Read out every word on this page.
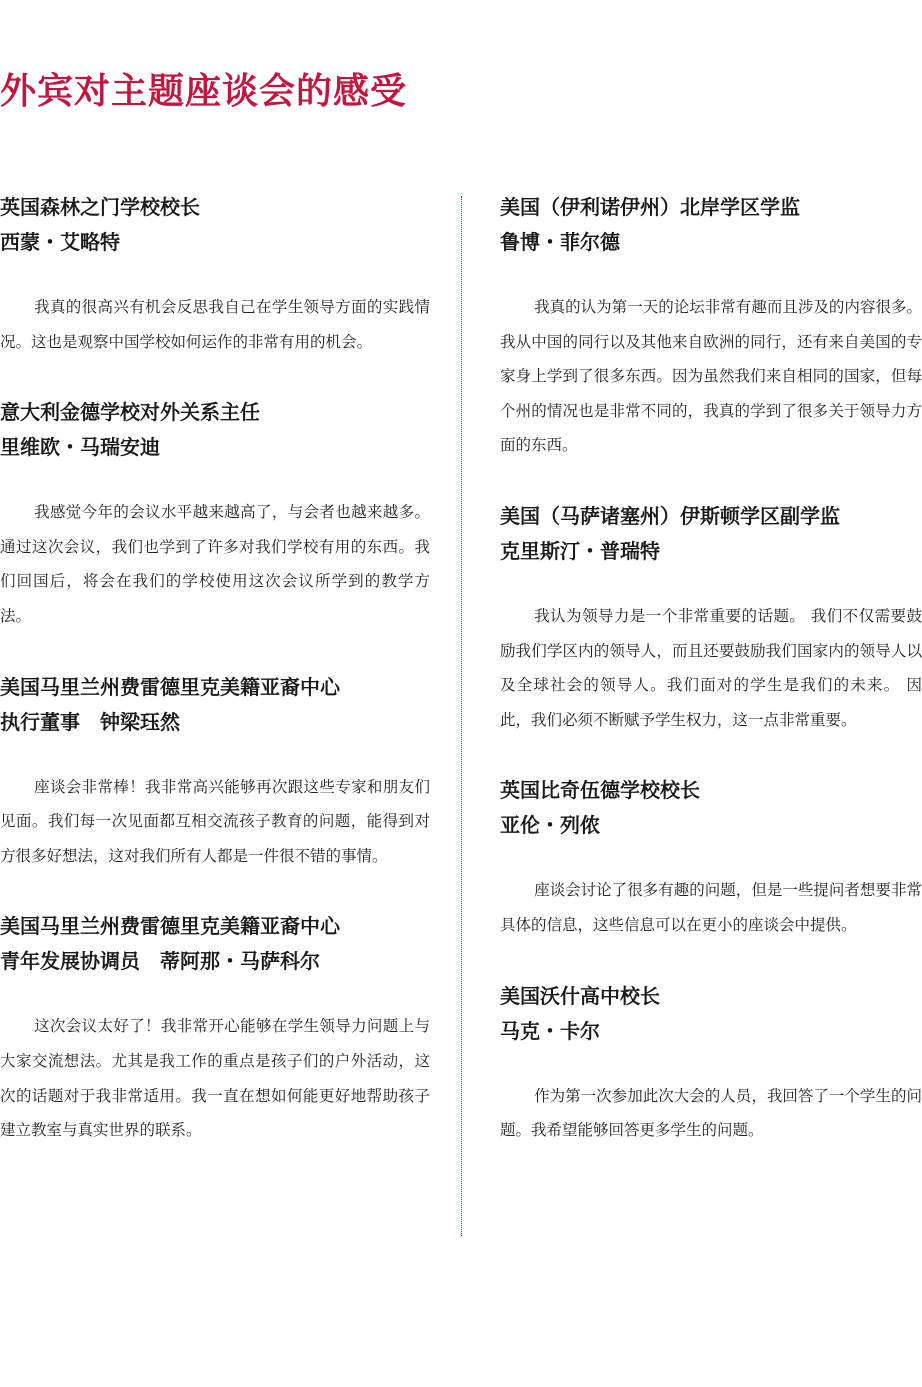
外宾对主题座谈会的感受
英国森林之门学校校长
西蒙・艾略特

我真的很高兴有机会反思我自己在学生领导方面的实践情况。这也是观察中国学校如何运作的非常有用的机会。

意大利金德学校对外关系主任
里维欧・马瑞安迪

我感觉今年的会议水平越来越高了，与会者也越来越多。通过这次会议，我们也学到了许多对我们学校有用的东西。我们回国后，将会在我们的学校使用这次会议所学到的教学方法。

美国马里兰州费雷德里克美籍亚裔中心
执行董事　钟梁珏然

座谈会非常棒！我非常高兴能够再次跟这些专家和朋友们见面。我们每一次见面都互相交流孩子教育的问题，能得到对方很多好想法，这对我们所有人都是一件很不错的事情。

美国马里兰州费雷德里克美籍亚裔中心
青年发展协调员　蒂阿那・马萨科尔

这次会议太好了！我非常开心能够在学生领导力问题上与大家交流想法。尤其是我工作的重点是孩子们的户外活动，这次的话题对于我非常适用。我一直在想如何能更好地帮助孩子建立教室与真实世界的联系。

美国（伊利诺伊州）北岸学区学监
鲁博・菲尔德

我真的认为第一天的论坛非常有趣而且涉及的内容很多。我从中国的同行以及其他来自欧洲的同行，还有来自美国的专家身上学到了很多东西。因为虽然我们来自相同的国家，但每个州的情况也是非常不同的，我真的学到了很多关于领导力方面的东西。

美国（马萨诸塞州）伊斯顿学区副学监
克里斯汀・普瑞特

我认为领导力是一个非常重要的话题。 我们不仅需要鼓励我们学区内的领导人，而且还要鼓励我们国家内的领导人以及全球社会的领导人。我们面对的学生是我们的未来。 因此，我们必须不断赋予学生权力，这一点非常重要。

英国比奇伍德学校校长
亚伦・列侬

座谈会讨论了很多有趣的问题，但是一些提问者想要非常具体的信息，这些信息可以在更小的座谈会中提供。

美国沃什高中校长
马克・卡尔

作为第一次参加此次大会的人员，我回答了一个学生的问题。我希望能够回答更多学生的问题。
